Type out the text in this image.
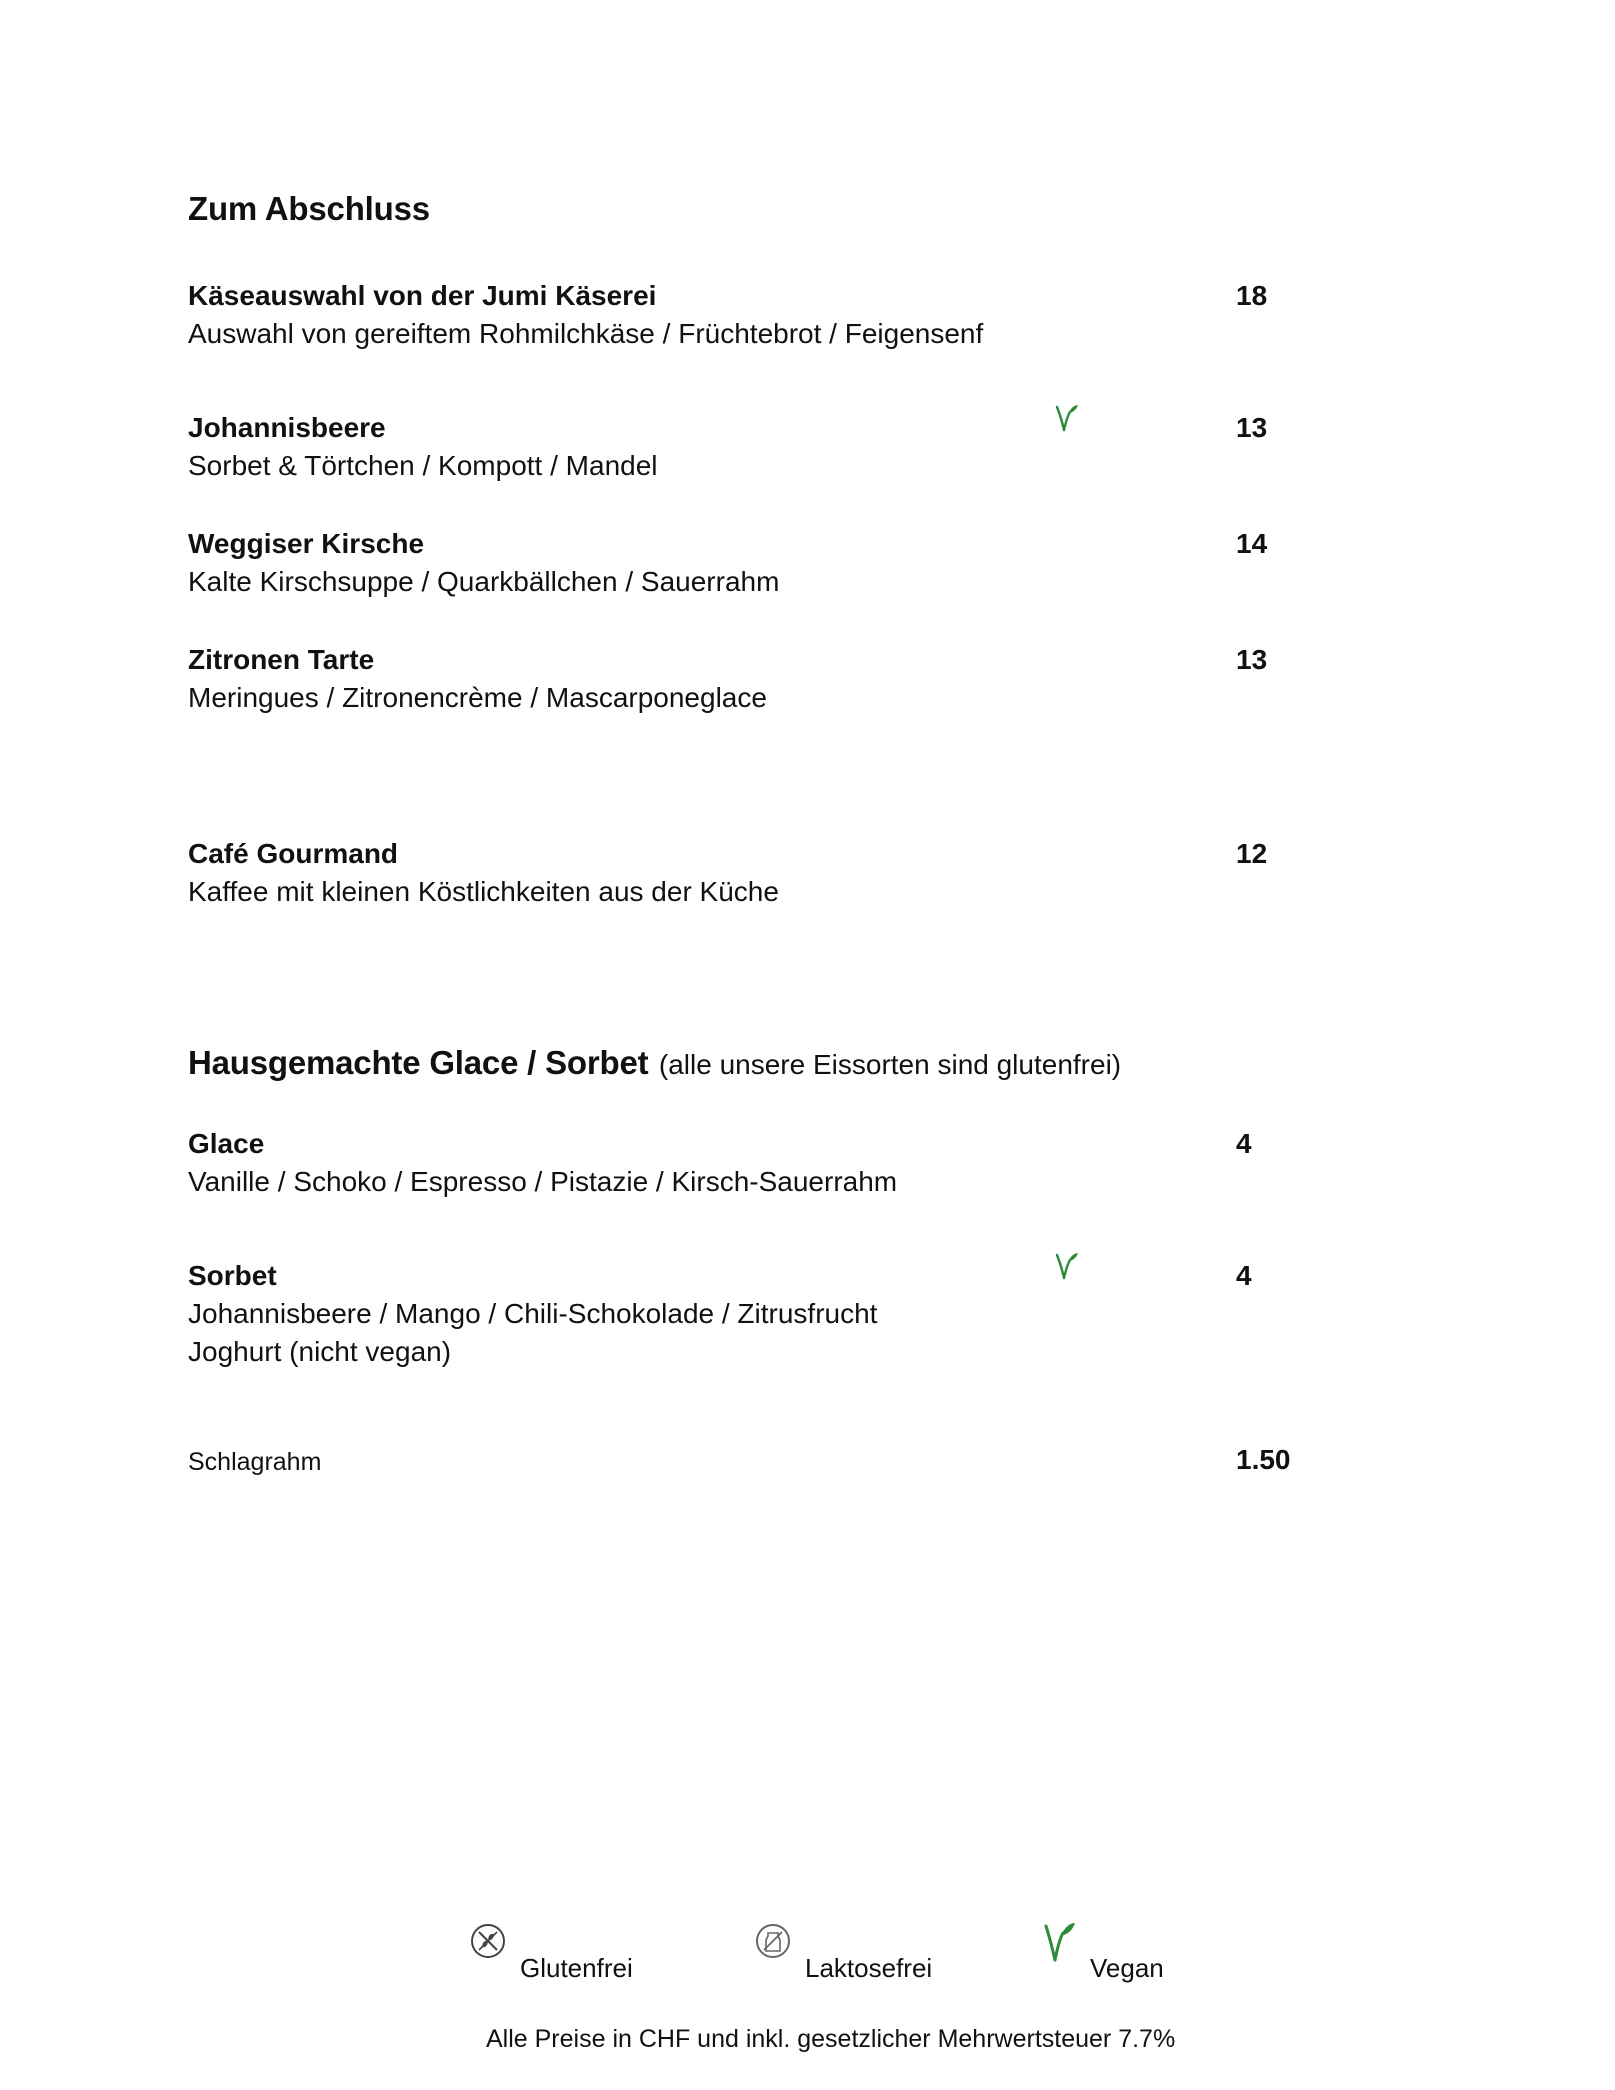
Zum Abschluss
Käseauswahl von der Jumi Käserei	18
Auswahl von gereiftem Rohmilchkäse / Früchtebrot / Feigensenf
Johannisbeere	13
Sorbet & Törtchen / Kompott / Mandel
Weggiser Kirsche	14
Kalte Kirschsuppe / Quarkbällchen / Sauerrahm
Zitronen Tarte	13
Meringues / Zitronencrème / Mascarponeglace
Café Gourmand	12
Kaffee mit kleinen Köstlichkeiten aus der Küche
Hausgemachte Glace / Sorbet (alle unsere Eissorten sind glutenfrei)
Glace	4
Vanille / Schoko / Espresso / Pistazie / Kirsch-Sauerrahm
Sorbet	4
Johannisbeere / Mango / Chili-Schokolade / Zitrusfrucht
Joghurt (nicht vegan)
Schlagrahm	1.50
Glutenfrei	Laktosefrei	Vegan
Alle Preise in CHF und inkl. gesetzlicher Mehrwertsteuer 7.7%
